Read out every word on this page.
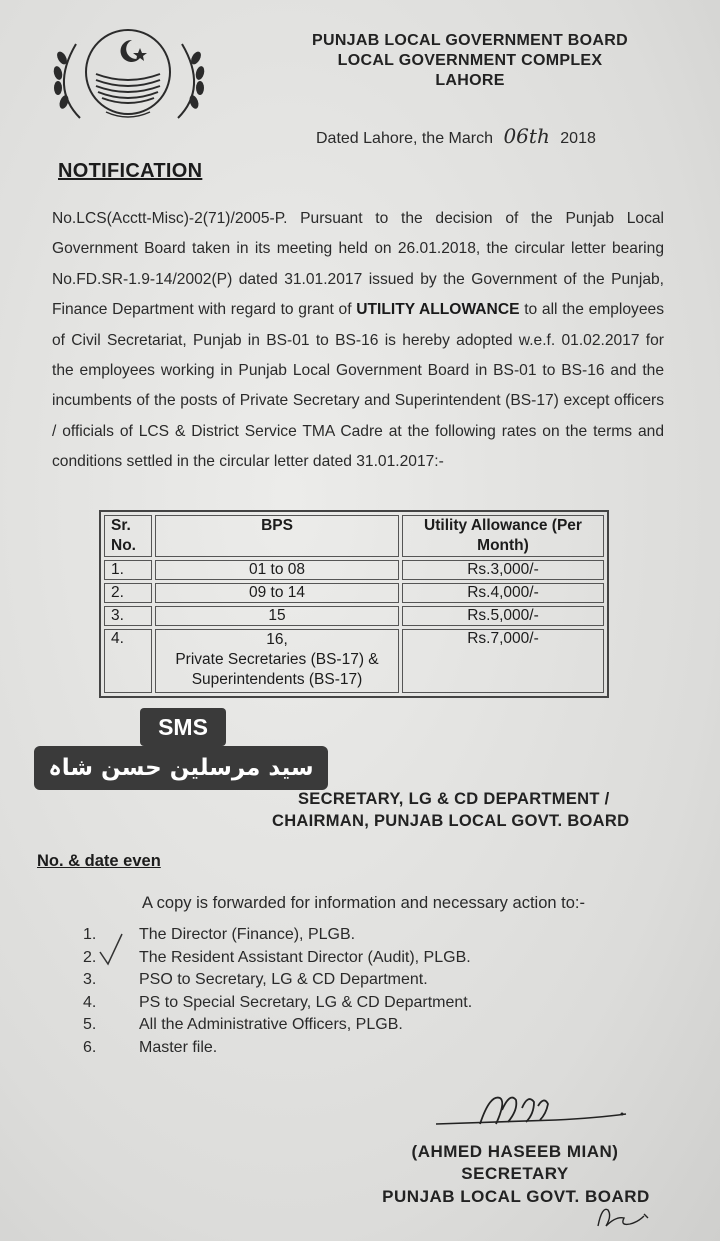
PUNJAB LOCAL GOVERNMENT BOARD
LOCAL GOVERNMENT COMPLEX
LAHORE
Dated Lahore, the March 06th 2018
NOTIFICATION
No.LCS(Acctt-Misc)-2(71)/2005-P. Pursuant to the decision of the Punjab Local Government Board taken in its meeting held on 26.01.2018, the circular letter bearing No.FD.SR-1.9-14/2002(P) dated 31.01.2017 issued by the Government of the Punjab, Finance Department with regard to grant of UTILITY ALLOWANCE to all the employees of Civil Secretariat, Punjab in BS-01 to BS-16 is hereby adopted w.e.f. 01.02.2017 for the employees working in Punjab Local Government Board in BS-01 to BS-16 and the incumbents of the posts of Private Secretary and Superintendent (BS-17) except officers / officials of LCS & District Service TMA Cadre at the following rates on the terms and conditions settled in the circular letter dated 31.01.2017:-
Sr. No.	BPS	Utility Allowance (Per Month)
1.	01 to 08	Rs.3,000/-
2.	09 to 14	Rs.4,000/-
3.	15	Rs.5,000/-
4.	16,
Private Secretaries (BS-17) &
Superintendents (BS-17)	Rs.7,000/-
SMS
سید مرسلین حسن شاہ
SECRETARY, LG & CD DEPARTMENT /
CHAIRMAN, PUNJAB LOCAL GOVT. BOARD
No. & date even
A copy is forwarded for information and necessary action to:-
1.	The Director (Finance), PLGB.
2.	The Resident Assistant Director (Audit), PLGB.
3.	PSO to Secretary, LG & CD Department.
4.	PS to Special Secretary, LG & CD Department.
5.	All the Administrative Officers, PLGB.
6.	Master file.
(AHMED HASEEB MIAN)
SECRETARY
PUNJAB LOCAL GOVT. BOARD
